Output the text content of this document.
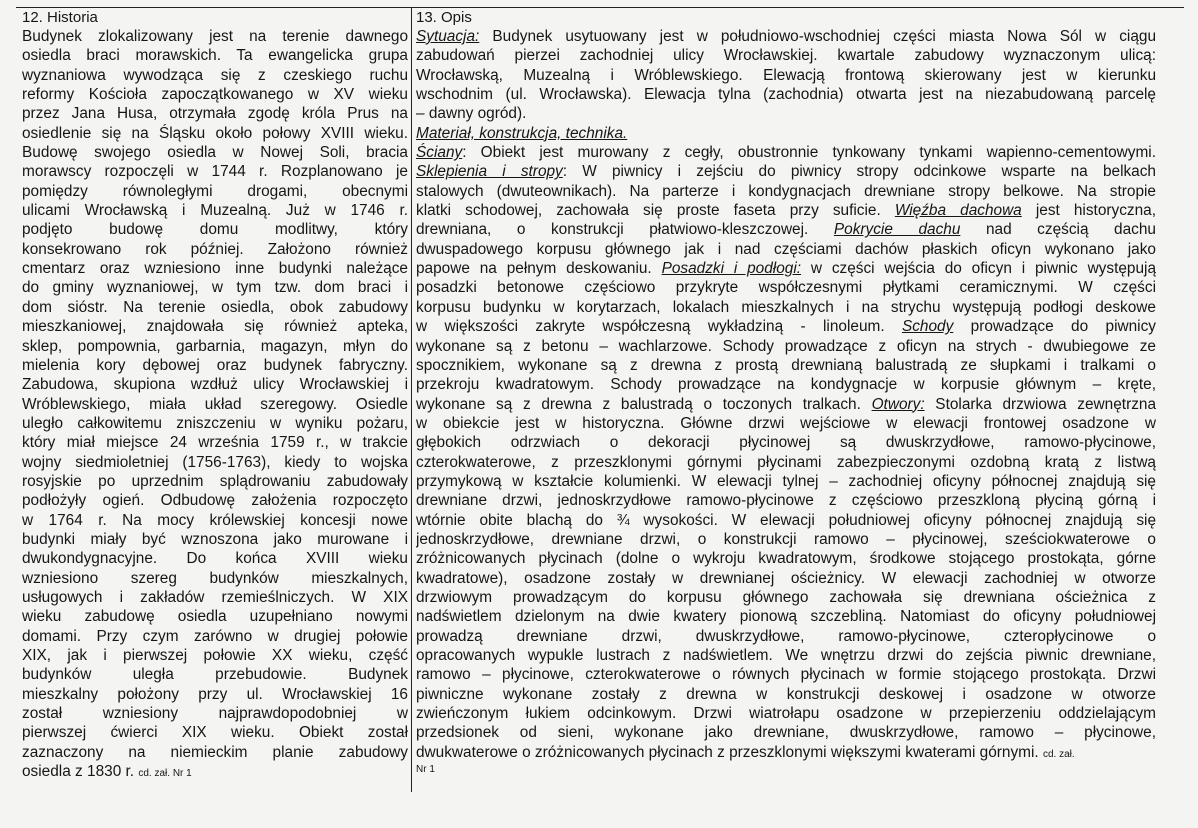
12. Historia
Budynek zlokalizowany jest na terenie dawnego
osiedla braci morawskich. Ta ewangelicka grupa
wyznaniowa wywodząca się z czeskiego ruchu
reformy Kościoła zapoczątkowanego w XV wieku
przez Jana Husa, otrzymała zgodę króla Prus na
osiedlenie się na Śląsku około połowy XVIII wieku.
Budowę swojego osiedla w Nowej Soli, bracia
morawscy rozpoczęli w 1744 r. Rozplanowano je
pomiędzy równoległymi drogami, obecnymi
ulicami Wrocławską i Muzealną. Już w 1746 r.
podjęto budowę domu modlitwy, który
konsekrowano rok później. Założono również
cmentarz oraz wzniesiono inne budynki należące
do gminy wyznaniowej, w tym tzw. dom braci i
dom sióstr. Na terenie osiedla, obok zabudowy
mieszkaniowej, znajdowała się również apteka,
sklep, pompownia, garbarnia, magazyn, młyn do
mielenia kory dębowej oraz budynek fabryczny.
Zabudowa, skupiona wzdłuż ulicy Wrocławskiej i
Wróblewskiego, miała układ szeregowy. Osiedle
uległo całkowitemu zniszczeniu w wyniku pożaru,
który miał miejsce 24 września 1759 r., w trakcie
wojny siedmioletniej (1756-1763), kiedy to wojska
rosyjskie po uprzednim splądrowaniu zabudowały
podłożyły ogień. Odbudowę założenia rozpoczęto
w 1764 r. Na mocy królewskiej koncesji nowe
budynki miały być wznoszona jako murowane i
dwukondygnacyjne. Do końca XVIII wieku
wzniesiono szereg budynków mieszkalnych,
usługowych i zakładów rzemieślniczych. W XIX
wieku zabudowę osiedla uzupełniano nowymi
domami. Przy czym zarówno w drugiej połowie
XIX, jak i pierwszej połowie XX wieku, część
budynków uległa przebudowie. Budynek
mieszkalny położony przy ul. Wrocławskiej 16
został wzniesiony najprawdopodobniej w
pierwszej ćwierci XIX wieku. Obiekt został
zaznaczony na niemieckim planie zabudowy
osiedla z 1830 r. cd. zał. Nr 1
13. Opis
Sytuacja: Budynek usytuowany jest w południowo-wschodniej części miasta Nowa Sól w ciągu
zabudowań pierzei zachodniej ulicy Wrocławskiej. kwartale zabudowy wyznaczonym ulicą:
Wrocławską, Muzealną i Wróblewskiego. Elewacją frontową skierowany jest w kierunku
wschodnim (ul. Wrocławska). Elewacja tylna (zachodnia) otwarta jest na niezabudowaną parcelę
– dawny ogród).
Materiał, konstrukcja, technika.
Ściany: Obiekt jest murowany z cegły, obustronnie tynkowany tynkami wapienno-cementowymi.
Sklepienia i stropy: W piwnicy i zejściu do piwnicy stropy odcinkowe wsparte na belkach
stalowych (dwuteownikach). Na parterze i kondygnacjach drewniane stropy belkowe. Na stropie
klatki schodowej, zachowała się proste faseta przy suficie. Więźba dachowa jest historyczna,
drewniana, o konstrukcji płatwiowo-kleszczowej. Pokrycie dachu nad częścią dachu
dwuspadowego korpusu głównego jak i nad częściami dachów płaskich oficyn wykonano jako
papowe na pełnym deskowaniu. Posadzki i podłogi: w części wejścia do oficyn i piwnic występują
posadzki betonowe częściowo przykryte współczesnymi płytkami ceramicznymi. W części
korpusu budynku w korytarzach, lokalach mieszkalnych i na strychu występują podłogi deskowe
w większości zakryte współczesną wykładziną - linoleum. Schody prowadzące do piwnicy
wykonane są z betonu – wachlarzowe. Schody prowadzące z oficyn na strych - dwubiegowe ze
spocznikiem, wykonane są z drewna z prostą drewnianą balustradą ze słupkami i tralkami o
przekroju kwadratowym. Schody prowadzące na kondygnacje w korpusie głównym – kręte,
wykonane są z drewna z balustradą o toczonych tralkach. Otwory: Stolarka drzwiowa zewnętrzna
w obiekcie jest w historyczna. Główne drzwi wejściowe w elewacji frontowej osadzone w
głębokich odrzwiach o dekoracji płycinowej są dwuskrzydłowe, ramowo-płycinowe,
czterokwaterowe, z przeszklonymi górnymi płycinami zabezpieczonymi ozdobną kratą z listwą
przymykową w kształcie kolumienki. W elewacji tylnej – zachodniej oficyny północnej znajdują się
drewniane drzwi, jednoskrzydłowe ramowo-płycinowe z częściowo przeszkloną płyciną górną i
wtórnie obite blachą do ¾ wysokości. W elewacji południowej oficyny północnej znajdują się
jednoskrzydłowe, drewniane drzwi, o konstrukcji ramowo – płycinowej, sześciokwaterowe o
zróżnicowanych płycinach (dolne o wykroju kwadratowym, środkowe stojącego prostokąta, górne
kwadratowe), osadzone zostały w drewnianej ościeżnicy. W elewacji zachodniej w otworze
drzwiowym prowadzącym do korpusu głównego zachowała się drewniana ościeżnica z
nadświetlem dzielonym na dwie kwatery pionową szczebliną. Natomiast do oficyny południowej
prowadzą drewniane drzwi, dwuskrzydłowe, ramowo-płycinowe, czteropłycinowe o
opracowanych wypukle lustrach z nadświetlem. We wnętrzu drzwi do zejścia piwnic drewniane,
ramowo – płycinowe, czterokwaterowe o równych płycinach w formie stojącego prostokąta. Drzwi
piwniczne wykonane zostały z drewna w konstrukcji deskowej i osadzone w otworze
zwieńczonym łukiem odcinkowym. Drzwi wiatrołapu osadzone w przepierzeniu oddzielającym
przedsionek od sieni, wykonane jako drewniane, dwuskrzydłowe, ramowo – płycinowe,
dwukwaterowe o zróżnicowanych płycinach z przeszklonymi większymi kwaterami górnymi. cd. zał.
Nr 1
